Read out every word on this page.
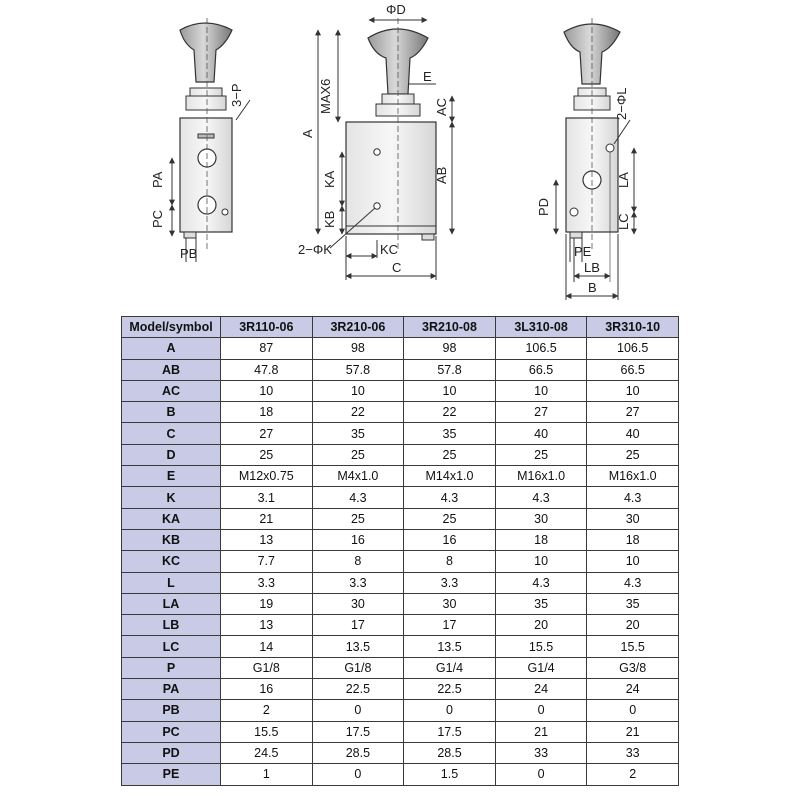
3−P
PA
PC
PB
ΦD
A
MAX6
E
AC
AB
KA
KB
2−ΦK	KC
C
2−ΦL
LA
LC
PD
PE
LB
B
Model/symbol	3R110-06	3R210-06	3R210-08	3L310-08	3R310-10
A	87	98	98	106.5	106.5
AB	47.8	57.8	57.8	66.5	66.5
AC	10	10	10	10	10
B	18	22	22	27	27
C	27	35	35	40	40
D	25	25	25	25	25
E	M12x0.75	M4x1.0	M14x1.0	M16x1.0	M16x1.0
K	3.1	4.3	4.3	4.3	4.3
KA	21	25	25	30	30
KB	13	16	16	18	18
KC	7.7	8	8	10	10
L	3.3	3.3	3.3	4.3	4.3
LA	19	30	30	35	35
LB	13	17	17	20	20
LC	14	13.5	13.5	15.5	15.5
P	G1/8	G1/8	G1/4	G1/4	G3/8
PA	16	22.5	22.5	24	24
PB	2	0	0	0	0
PC	15.5	17.5	17.5	21	21
PD	24.5	28.5	28.5	33	33
PE	1	0	1.5	0	2
